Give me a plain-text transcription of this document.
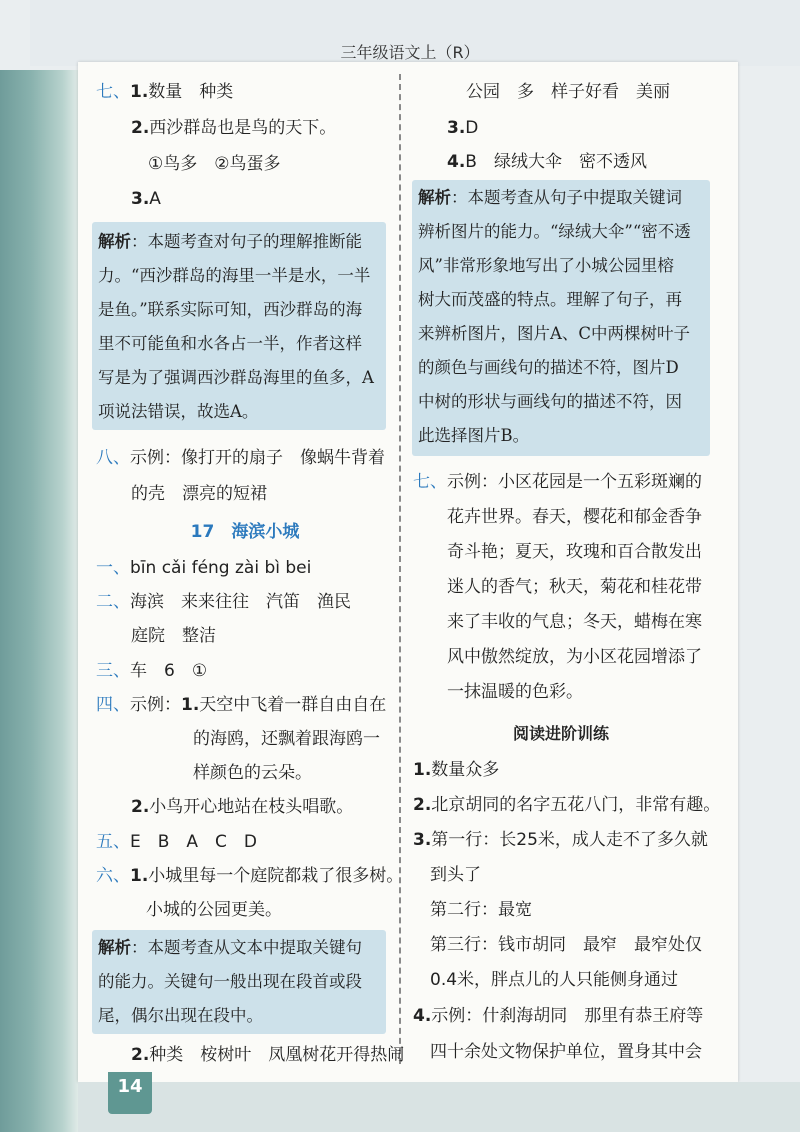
三年级语文上（R）
14
七、1.数量　种类
2.西沙群岛也是鸟的天下。
①鸟多　②鸟蛋多
3.A
解析：本题考查对句子的理解推断能
力。“西沙群岛的海里一半是水，一半
是鱼。”联系实际可知，西沙群岛的海
里不可能鱼和水各占一半，作者这样
写是为了强调西沙群岛海里的鱼多，A
项说法错误，故选A。
八、示例：像打开的扇子　像蜗牛背着
的壳　漂亮的短裙
17　海滨小城
一、bīn cǎi féng zài bì bei
二、海滨　来来往往　汽笛　渔民
庭院　整洁
三、车　6　①
四、示例：1.天空中飞着一群自由自在
的海鸥，还飘着跟海鸥一
样颜色的云朵。
2.小鸟开心地站在枝头唱歌。
五、E　B　A　C　D
六、1.小城里每一个庭院都栽了很多树。
小城的公园更美。
解析：本题考查从文本中提取关键句
的能力。关键句一般出现在段首或段
尾，偶尔出现在段中。
2.种类　桉树叶　凤凰树花开得热闹
公园　多　样子好看　美丽
3.D
4.B　绿绒大伞　密不透风
解析：本题考查从句子中提取关键词
辨析图片的能力。“绿绒大伞”“密不透
风”非常形象地写出了小城公园里榕
树大而茂盛的特点。理解了句子，再
来辨析图片，图片A、C中两棵树叶子
的颜色与画线句的描述不符，图片D
中树的形状与画线句的描述不符，因
此选择图片B。
七、示例：小区花园是一个五彩斑斓的
花卉世界。春天，樱花和郁金香争
奇斗艳；夏天，玫瑰和百合散发出
迷人的香气；秋天，菊花和桂花带
来了丰收的气息；冬天，蜡梅在寒
风中傲然绽放，为小区花园增添了
一抹温暖的色彩。
阅读进阶训练
1.数量众多
2.北京胡同的名字五花八门，非常有趣。
3.第一行：长25米，成人走不了多久就
到头了
第二行：最宽
第三行：钱市胡同　最窄　最窄处仅
0.4米，胖点儿的人只能侧身通过
4.示例：什刹海胡同　那里有恭王府等
四十余处文物保护单位，置身其中会
